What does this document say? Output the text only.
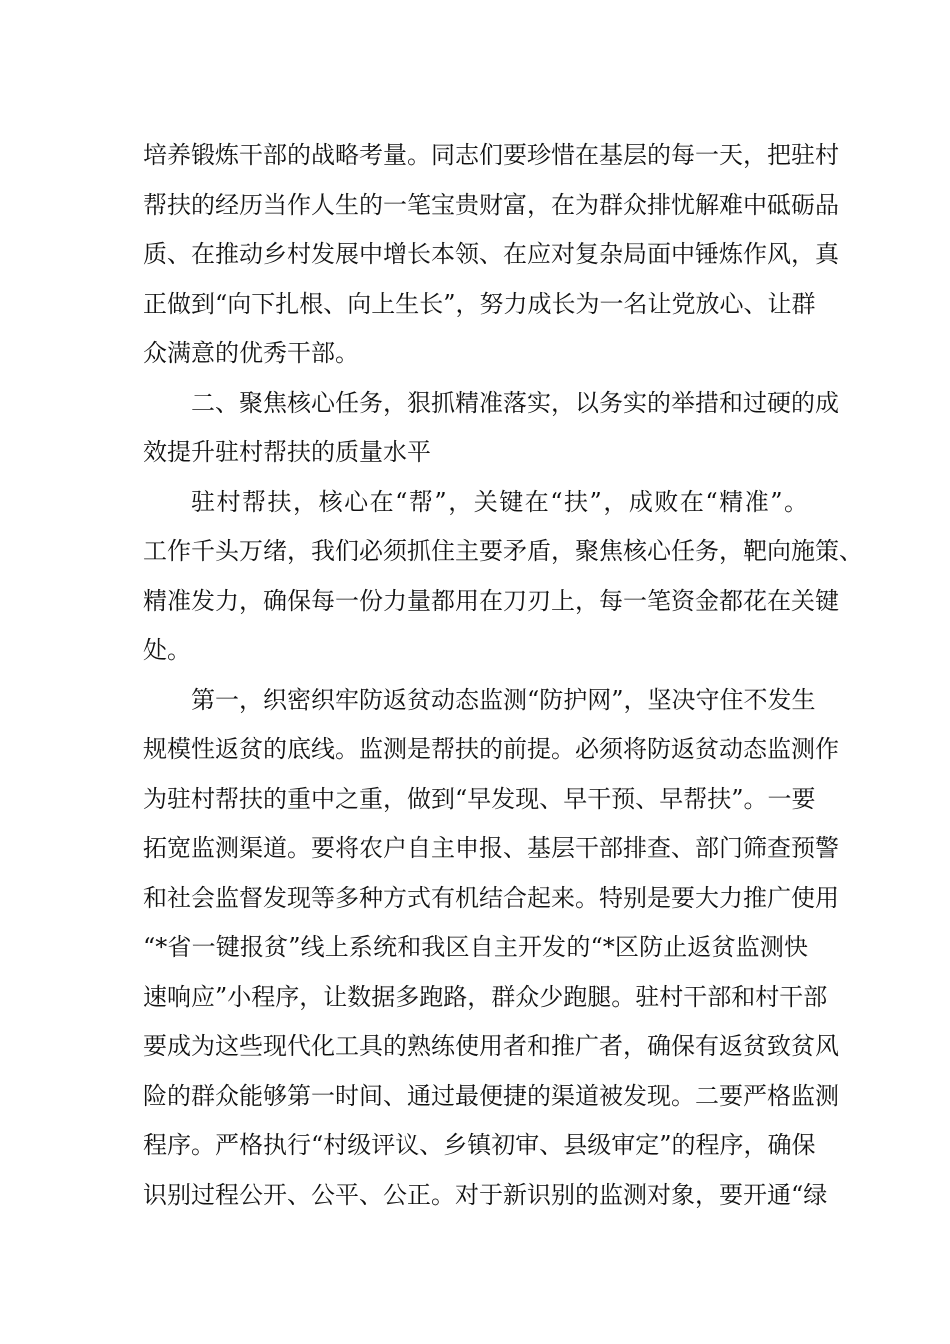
培养锻炼干部的战略考量。同志们要珍惜在基层的每一天，把驻村
帮扶的经历当作人生的一笔宝贵财富，在为群众排忧解难中砥砺品
质、在推动乡村发展中增长本领、在应对复杂局面中锤炼作风，真
正做到“向下扎根、向上生长”，努力成长为一名让党放心、让群
众满意的优秀干部。
二、聚焦核心任务，狠抓精准落实，以务实的举措和过硬的成
效提升驻村帮扶的质量水平
驻村帮扶，核心在“帮”，关键在“扶”，成败在“精准”。
工作千头万绪，我们必须抓住主要矛盾，聚焦核心任务，靶向施策、
精准发力，确保每一份力量都用在刀刃上，每一笔资金都花在关键
处。
第一，织密织牢防返贫动态监测“防护网”，坚决守住不发生
规模性返贫的底线。监测是帮扶的前提。必须将防返贫动态监测作
为驻村帮扶的重中之重，做到“早发现、早干预、早帮扶”。一要
拓宽监测渠道。要将农户自主申报、基层干部排查、部门筛查预警
和社会监督发现等多种方式有机结合起来。特别是要大力推广使用
“*省一键报贫”线上系统和我区自主开发的“*区防止返贫监测快
速响应”小程序，让数据多跑路，群众少跑腿。驻村干部和村干部
要成为这些现代化工具的熟练使用者和推广者，确保有返贫致贫风
险的群众能够第一时间、通过最便捷的渠道被发现。二要严格监测
程序。严格执行“村级评议、乡镇初审、县级审定”的程序，确保
识别过程公开、公平、公正。对于新识别的监测对象，要开通“绿
